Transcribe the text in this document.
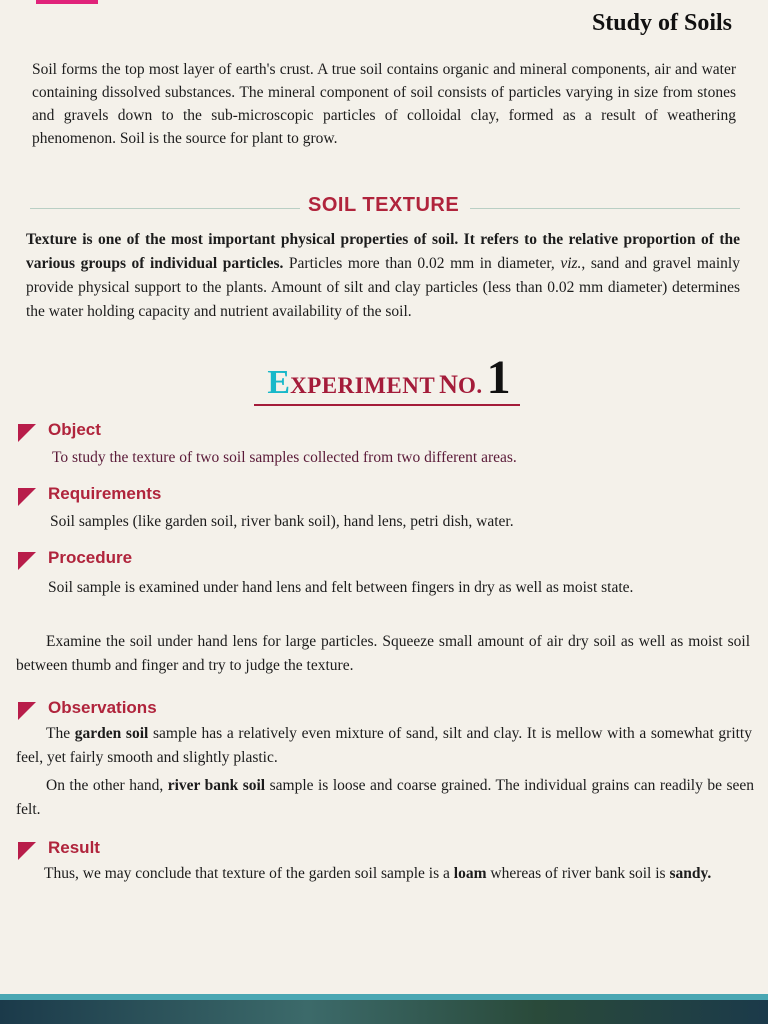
Study of Soils
Soil forms the top most layer of earth's crust. A true soil contains organic and mineral components, air and water containing dissolved substances. The mineral component of soil consists of particles varying in size from stones and gravels down to the sub-microscopic particles of colloidal clay, formed as a result of weathering phenomenon. Soil is the source for plant to grow.
SOIL TEXTURE
Texture is one of the most important physical properties of soil. It refers to the relative proportion of the various groups of individual particles. Particles more than 0.02 mm in diameter, viz., sand and gravel mainly provide physical support to the plants. Amount of silt and clay particles (less than 0.02 mm diameter) determines the water holding capacity and nutrient availability of the soil.
EXPERIMENT NO. 1
Object
To study the texture of two soil samples collected from two different areas.
Requirements
Soil samples (like garden soil, river bank soil), hand lens, petri dish, water.
Procedure
Soil sample is examined under hand lens and felt between fingers in dry as well as moist state.
Examine the soil under hand lens for large particles. Squeeze small amount of air dry soil as well as moist soil between thumb and finger and try to judge the texture.
Observations
The garden soil sample has a relatively even mixture of sand, silt and clay. It is mellow with a somewhat gritty feel, yet fairly smooth and slightly plastic.
On the other hand, river bank soil sample is loose and coarse grained. The individual grains can readily be seen felt.
Result
Thus, we may conclude that texture of the garden soil sample is a loam whereas of river bank soil is sandy.
